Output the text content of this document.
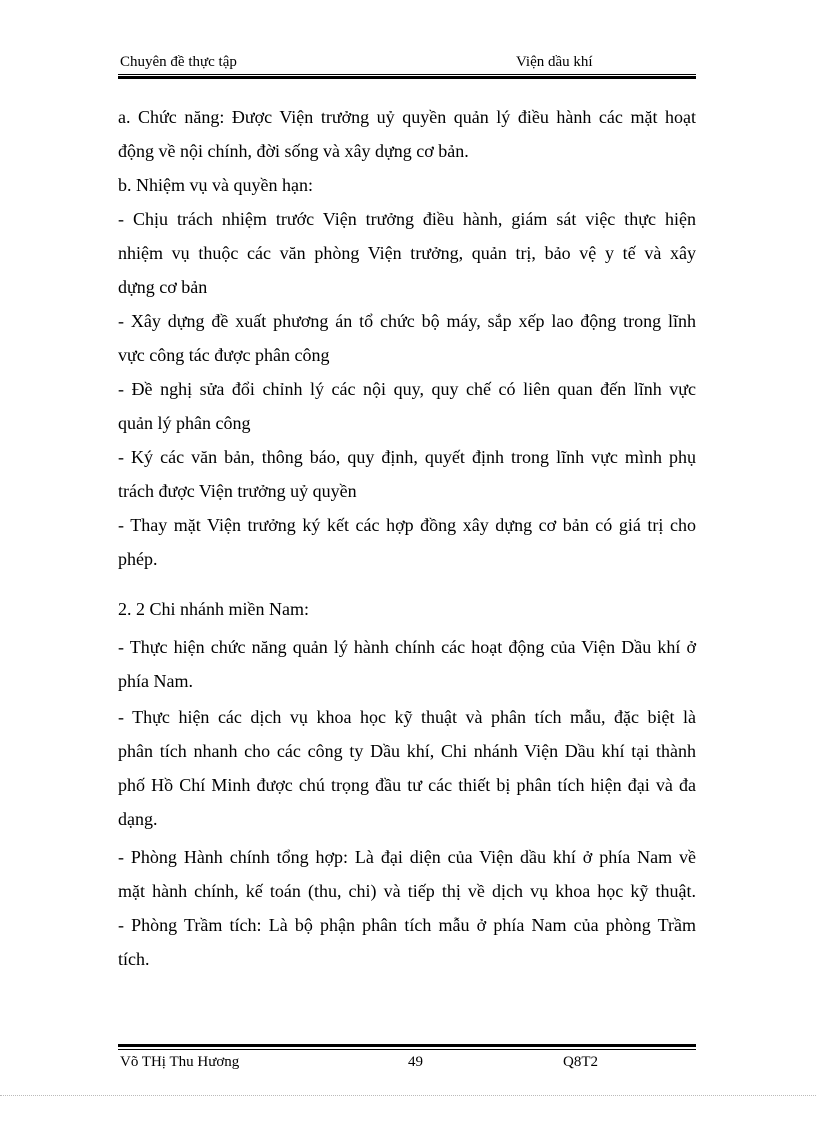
Chuyên đề thực tập	Viện dầu khí
a. Chức năng: Được Viện trưởng uỷ quyền quản lý điều hành các mặt hoạt
động về nội chính, đời sống và xây dựng cơ bản.
b. Nhiệm vụ và quyền hạn:
- Chịu trách nhiệm trước Viện trưởng điều hành, giám sát việc thực hiện
nhiệm vụ thuộc các văn phòng Viện trưởng, quản trị, bảo vệ y tế và xây
dựng cơ bản
- Xây dựng đề xuất phương án tổ chức bộ máy, sắp xếp lao động trong lĩnh
vực công tác được phân công
- Đề nghị sửa đổi chỉnh lý các nội quy, quy chế có liên quan đến lĩnh vực
quản lý phân công
- Ký các văn bản, thông báo, quy định, quyết định trong lĩnh vực mình phụ
trách được Viện trưởng uỷ quyền
- Thay mặt Viện trưởng ký kết các hợp đồng xây dựng cơ bản có giá trị cho
phép.
2. 2 Chi nhánh miền Nam:
- Thực hiện chức năng quản lý hành chính các hoạt động của Viện Dầu khí ở
phía Nam.
- Thực hiện các dịch vụ khoa học kỹ thuật và phân tích mẫu, đặc biệt là
phân tích nhanh cho các công ty Dầu khí, Chi nhánh Viện Dầu khí tại thành
phố Hồ Chí Minh được chú trọng đầu tư các thiết bị phân tích hiện đại và đa
dạng.
- Phòng Hành chính tổng hợp: Là đại diện của Viện dầu khí ở phía Nam về
mặt hành chính, kế toán (thu, chi) và tiếp thị về dịch vụ khoa học kỹ thuật.
- Phòng Trầm tích: Là bộ phận phân tích mẫu ở phía Nam của phòng Trầm
tích.
Võ THị Thu Hương	49	Q8T2
